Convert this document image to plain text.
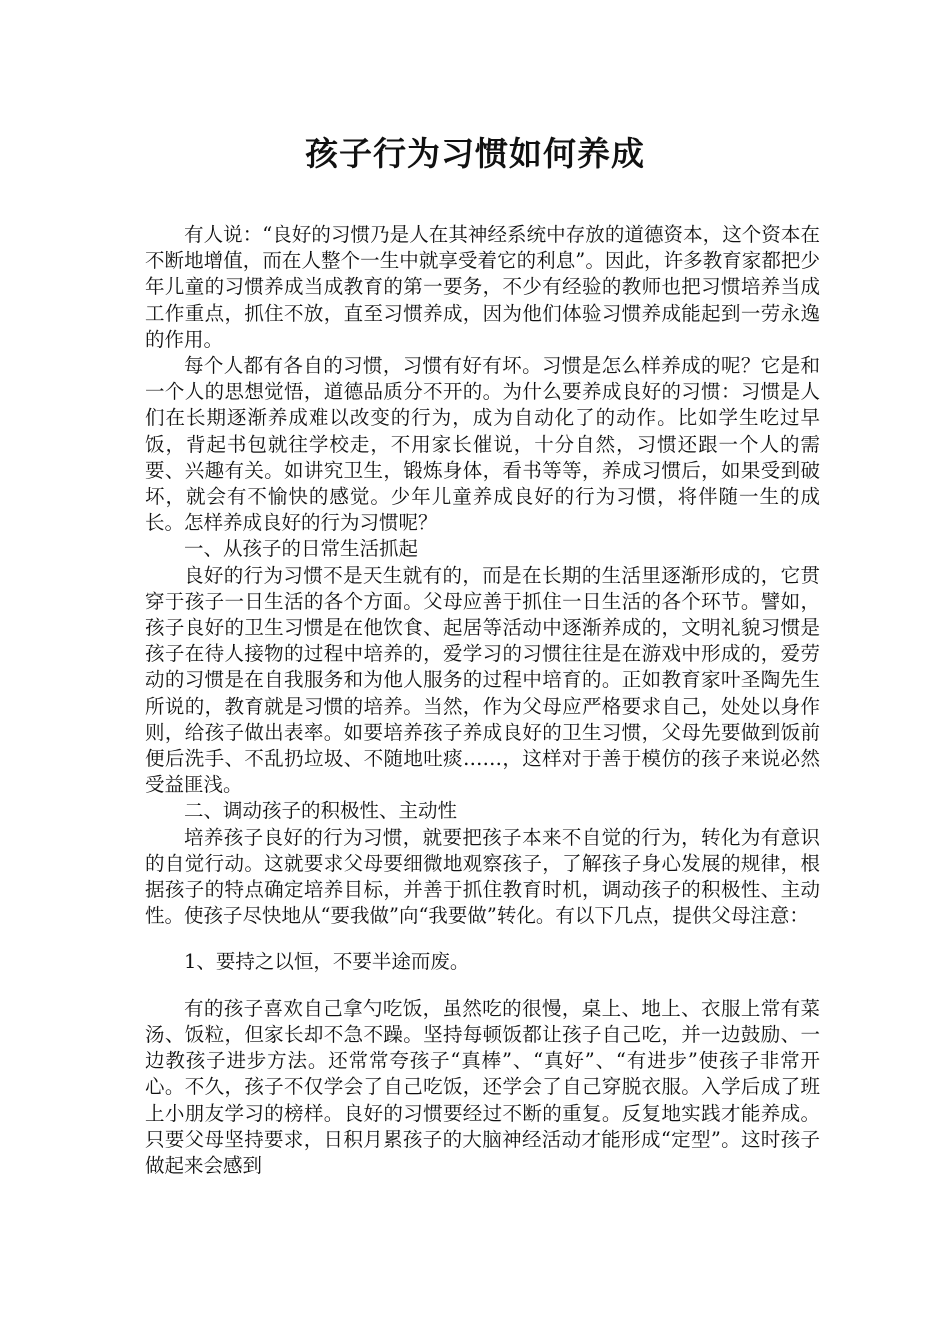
孩子行为习惯如何养成

有人说：“良好的习惯乃是人在其神经系统中存放的道德资本，这个资本在不断地增值，而在人整个一生中就享受着它的利息”。因此，许多教育家都把少年儿童的习惯养成当成教育的第一要务，不少有经验的教师也把习惯培养当成工作重点，抓住不放，直至习惯养成，因为他们体验习惯养成能起到一劳永逸的作用。

每个人都有各自的习惯，习惯有好有坏。习惯是怎么样养成的呢？它是和一个人的思想觉悟，道德品质分不开的。为什么要养成良好的习惯：习惯是人们在长期逐渐养成难以改变的行为，成为自动化了的动作。比如学生吃过早饭，背起书包就往学校走，不用家长催说，十分自然，习惯还跟一个人的需要、兴趣有关。如讲究卫生，锻炼身体，看书等等，养成习惯后，如果受到破坏，就会有不愉快的感觉。少年儿童养成良好的行为习惯，将伴随一生的成长。怎样养成良好的行为习惯呢？

一、从孩子的日常生活抓起

良好的行为习惯不是天生就有的，而是在长期的生活里逐渐形成的，它贯穿于孩子一日生活的各个方面。父母应善于抓住一日生活的各个环节。譬如，孩子良好的卫生习惯是在他饮食、起居等活动中逐渐养成的，文明礼貌习惯是孩子在待人接物的过程中培养的，爱学习的习惯往往是在游戏中形成的，爱劳动的习惯是在自我服务和为他人服务的过程中培育的。正如教育家叶圣陶先生所说的，教育就是习惯的培养。当然，作为父母应严格要求自己，处处以身作则，给孩子做出表率。如要培养孩子养成良好的卫生习惯，父母先要做到饭前便后洗手、不乱扔垃圾、不随地吐痰……，这样对于善于模仿的孩子来说必然受益匪浅。

二、调动孩子的积极性、主动性

培养孩子良好的行为习惯，就要把孩子本来不自觉的行为，转化为有意识的自觉行动。这就要求父母要细微地观察孩子，了解孩子身心发展的规律，根据孩子的特点确定培养目标，并善于抓住教育时机，调动孩子的积极性、主动性。使孩子尽快地从“要我做”向“我要做”转化。有以下几点，提供父母注意：

1、要持之以恒，不要半途而废。

有的孩子喜欢自己拿勺吃饭，虽然吃的很慢，桌上、地上、衣服上常有菜汤、饭粒，但家长却不急不躁。坚持每顿饭都让孩子自己吃，并一边鼓励、一边教孩子进步方法。还常常夸孩子“真棒”、“真好”、“有进步”使孩子非常开心。不久，孩子不仅学会了自己吃饭，还学会了自己穿脱衣服。入学后成了班上小朋友学习的榜样。良好的习惯要经过不断的重复。反复地实践才能养成。只要父母坚持要求，日积月累孩子的大脑神经活动才能形成“定型”。这时孩子做起来会感到
